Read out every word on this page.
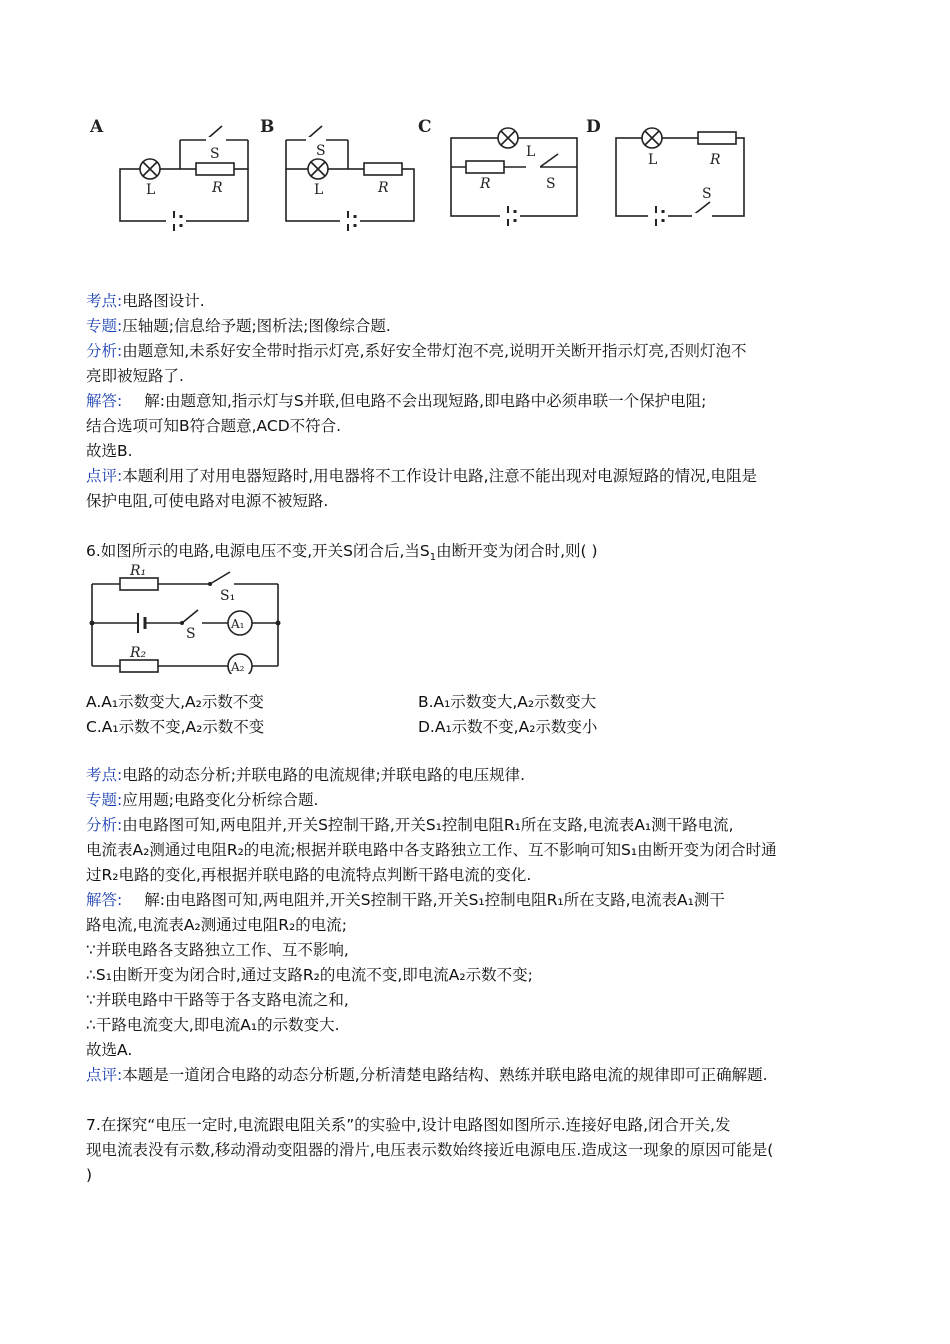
A	B	C	D
L	R
S
L	R
S	L
R	S
L	R
S
考点:电路图设计.
专题:压轴题;信息给予题;图析法;图像综合题.
分析:由题意知,未系好安全带时指示灯亮,系好安全带灯泡不亮,说明开关断开指示灯亮,否则灯泡不
亮即被短路了.
解答: 解:由题意知,指示灯与S并联,但电路不会出现短路,即电路中必须串联一个保护电阻;
结合选项可知B符合题意,ACD不符合.
故选B.
点评:本题利用了对用电器短路时,用电器将不工作设计电路,注意不能出现对电源短路的情况,电阻是
保护电阻,可使电路对电源不被短路.
6.如图所示的电路,电源电压不变,开关S闭合后,当$S_1$由断开变为闭合时,则( )
R₁
S₁
S
A₁
R₂
A₂
A.A₁示数变大,A₂示数不变	B.A₁示数变大,A₂示数变大
C.A₁示数不变,A₂示数不变	D.A₁示数不变,A₂示数变小
考点:电路的动态分析;并联电路的电流规律;并联电路的电压规律.
专题:应用题;电路变化分析综合题.
分析:由电路图可知,两电阻并,开关S控制干路,开关S₁控制电阻R₁所在支路,电流表A₁测干路电流,
电流表A₂测通过电阻R₂的电流;根据并联电路中各支路独立工作、互不影响可知S₁由断开变为闭合时通
过R₂电路的变化,再根据并联电路的电流特点判断干路电流的变化.
解答: 解:由电路图可知,两电阻并,开关S控制干路,开关S₁控制电阻R₁所在支路,电流表A₁测干
路电流,电流表A₂测通过电阻R₂的电流;
∵并联电路各支路独立工作、互不影响,
∴S₁由断开变为闭合时,通过支路R₂的电流不变,即电流A₂示数不变;
∵并联电路中干路等于各支路电流之和,
∴干路电流变大,即电流A₁的示数变大.
故选A.
点评:本题是一道闭合电路的动态分析题,分析清楚电路结构、熟练并联电路电流的规律即可正确解题.
7.在探究“电压一定时,电流跟电阻关系”的实验中,设计电路图如图所示.连接好电路,闭合开关,发
现电流表没有示数,移动滑动变阻器的滑片,电压表示数始终接近电源电压.造成这一现象的原因可能是(
)
